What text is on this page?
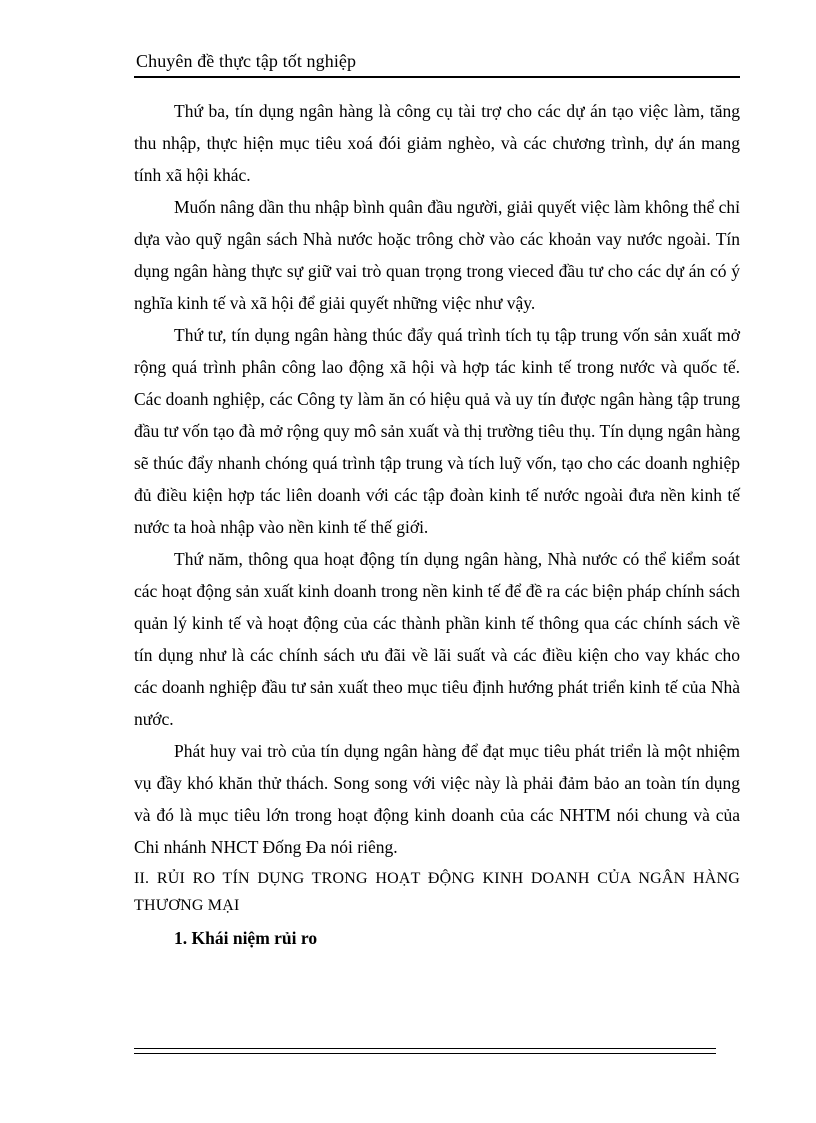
Chuyên đề thực tập tốt nghiệp

Thứ ba, tín dụng ngân hàng là công cụ tài trợ cho các dự án tạo việc làm, tăng thu nhập, thực hiện mục tiêu xoá đói giảm nghèo, và các chương trình, dự án mang tính xã hội khác.

Muốn nâng dần thu nhập bình quân đầu người, giải quyết việc làm không thể chỉ dựa vào quỹ ngân sách Nhà nước hoặc trông chờ vào các khoản vay nước ngoài. Tín dụng ngân hàng thực sự giữ vai trò quan trọng trong vieced đầu tư cho các dự án có ý nghĩa kinh tế và xã hội để giải quyết những việc như vậy.

Thứ tư, tín dụng ngân hàng thúc đẩy quá trình tích tụ tập trung vốn sản xuất mở rộng quá trình phân công lao động xã hội và hợp tác kinh tế trong nước và quốc tế. Các doanh nghiệp, các Công ty làm ăn có hiệu quả và uy tín được ngân hàng tập trung đầu tư vốn tạo đà mở rộng quy mô sản xuất và thị trường tiêu thụ. Tín dụng ngân hàng sẽ thúc đẩy nhanh chóng quá trình tập trung và tích luỹ vốn, tạo cho các doanh nghiệp đủ điều kiện hợp tác liên doanh với các tập đoàn kinh tế nước ngoài đưa nền kinh tế nước ta hoà nhập vào nền kinh tế thế giới.

Thứ năm, thông qua hoạt động tín dụng ngân hàng, Nhà nước có thể kiểm soát các hoạt động sản xuất kinh doanh trong nền kinh tế để đề ra các biện pháp chính sách quản lý kinh tế và hoạt động của các thành phần kinh tế thông qua các chính sách về tín dụng như là các chính sách ưu đãi về lãi suất và các điều kiện cho vay khác cho các doanh nghiệp đầu tư sản xuất theo mục tiêu định hướng phát triển kinh tế của Nhà nước.

Phát huy vai trò của tín dụng ngân hàng để đạt mục tiêu phát triển là một nhiệm vụ đầy khó khăn thử thách. Song song với việc này là phải đảm bảo an toàn tín dụng và đó là mục tiêu lớn trong hoạt động kinh doanh của các NHTM nói chung và của Chi nhánh NHCT Đống Đa nói riêng.

II. RỦI RO TÍN DỤNG TRONG HOẠT ĐỘNG KINH DOANH CỦA NGÂN HÀNG THƯƠNG MẠI

1. Khái niệm rủi ro
